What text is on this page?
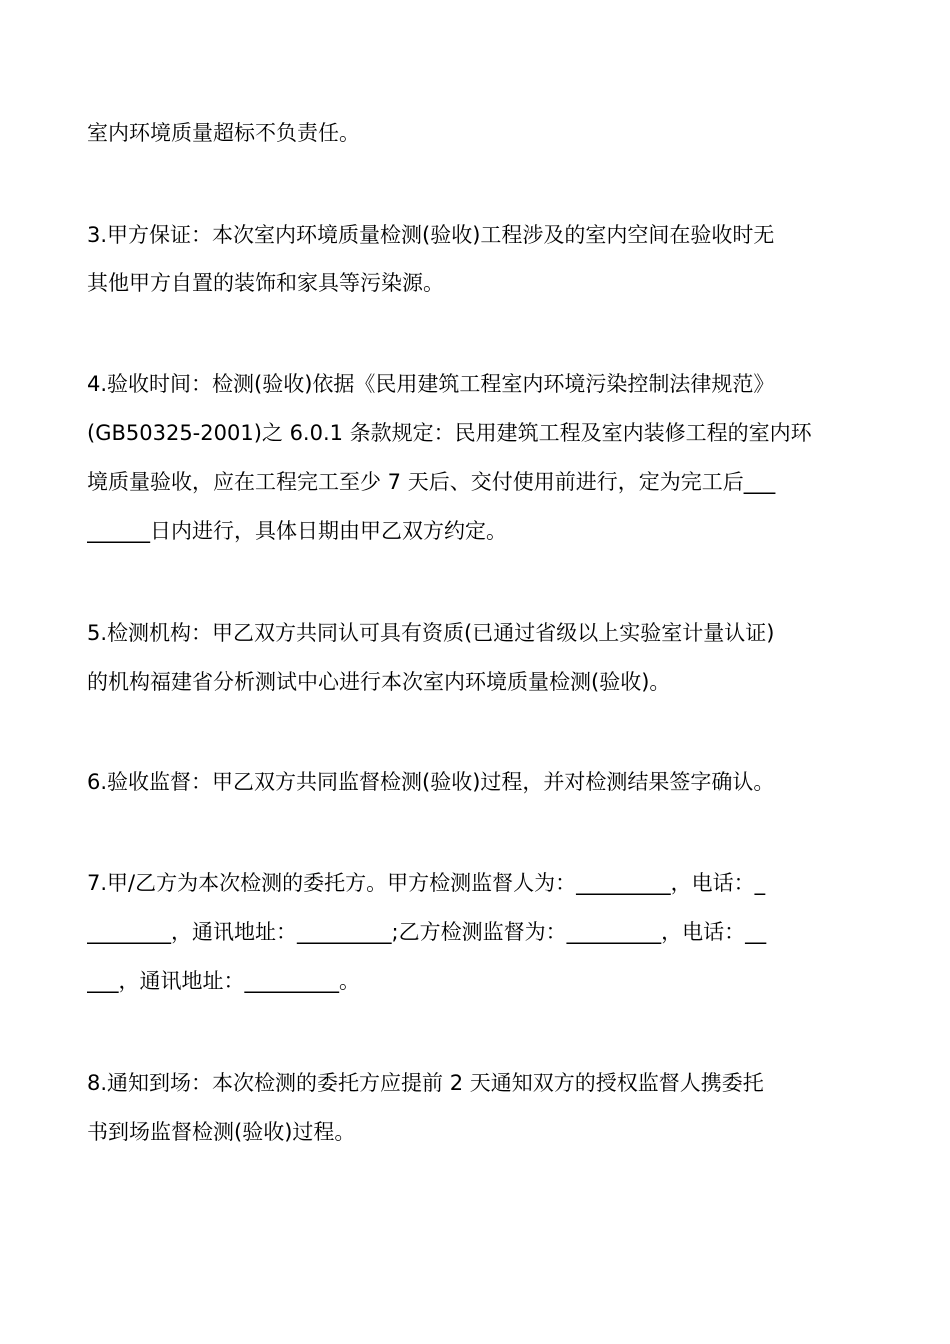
室内环境质量超标不负责任。
3.甲方保证：本次室内环境质量检测(验收)工程涉及的室内空间在验收时无
其他甲方自置的装饰和家具等污染源。
4.验收时间：检测(验收)依据《民用建筑工程室内环境污染控制法律规范》
(GB50325-2001)之 6.0.1 条款规定：民用建筑工程及室内装修工程的室内环
境质量验收，应在工程完工至少 7 天后、交付使用前进行，定为完工后___
______日内进行，具体日期由甲乙双方约定。
5.检测机构：甲乙双方共同认可具有资质(已通过省级以上实验室计量认证)
的机构福建省分析测试中心进行本次室内环境质量检测(验收)。
6.验收监督：甲乙双方共同监督检测(验收)过程，并对检测结果签字确认。
7.甲/乙方为本次检测的委托方。甲方检测监督人为：_________，电话：_
________，通讯地址：_________;乙方检测监督为：_________，电话：__
___，通讯地址：_________。
8.通知到场：本次检测的委托方应提前 2 天通知双方的授权监督人携委托
书到场监督检测(验收)过程。
